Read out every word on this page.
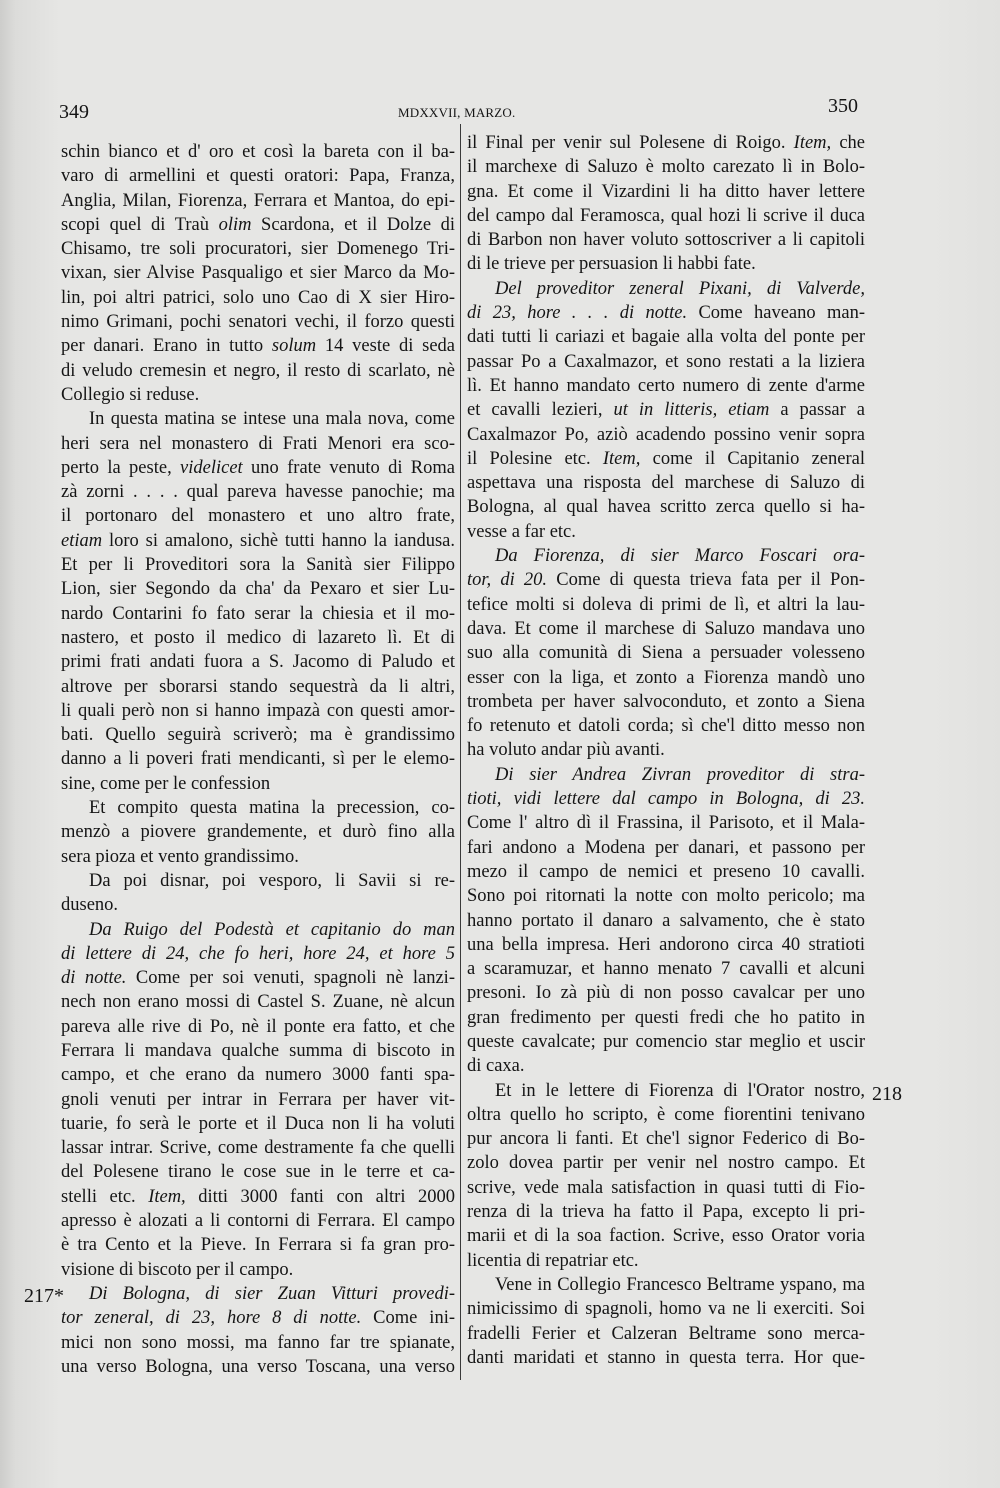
349	MDXXVII, MARZO.	350
schin bianco et d' oro et così la bareta con il ba-
varo di armellini et questi oratori: Papa, Franza,
Anglia, Milan, Fiorenza, Ferrara et Mantoa, do epi-
scopi quel di Traù olim Scardona, et il Dolze di
Chisamo, tre soli procuratori, sier Domenego Tri-
vixan, sier Alvise Pasqualigo et sier Marco da Mo-
lin, poi altri patrici, solo uno Cao di X sier Hiro-
nimo Grimani, pochi senatori vechi, il forzo questi
per danari. Erano in tutto solum 14 veste di seda
di veludo cremesin et negro, il resto di scarlato, nè
Collegio si reduse.
In questa matina se intese una mala nova, come
heri sera nel monastero di Frati Menori era sco-
perto la peste, videlicet uno frate venuto di Roma
zà zorni . . . . qual pareva havesse panochie; ma
il portonaro del monastero et uno altro frate,
etiam loro si amalono, sichè tutti hanno la iandusa.
Et per li Proveditori sora la Sanità sier Filippo
Lion, sier Segondo da cha' da Pexaro et sier Lu-
nardo Contarini fo fato serar la chiesia et il mo-
nastero, et posto il medico di lazareto lì. Et di
primi frati andati fuora a S. Jacomo di Paludo et
altrove per sborarsi stando sequestrà da li altri,
li quali però non si hanno impazà con questi amor-
bati. Quello seguirà scriverò; ma è grandissimo
danno a li poveri frati mendicanti, sì per le elemo-
sine, come per le confession
Et compito questa matina la precession, co-
menzò a piovere grandemente, et durò fino alla
sera pioza et vento grandissimo.
Da poi disnar, poi vesporo, li Savii si re-
duseno.
Da Ruigo del Podestà et capitanio do man
di lettere di 24, che fo heri, hore 24, et hore 5
di notte. Come per soi venuti, spagnoli nè lanzi-
nech non erano mossi di Castel S. Zuane, nè alcun
pareva alle rive di Po, nè il ponte era fatto, et che
Ferrara li mandava qualche summa di biscoto in
campo, et che erano da numero 3000 fanti spa-
gnoli venuti per intrar in Ferrara per haver vit-
tuarie, fo serà le porte et il Duca non li ha voluti
lassar intrar. Scrive, come destramente fa che quelli
del Polesene tirano le cose sue in le terre et ca-
stelli etc. Item, ditti 3000 fanti con altri 2000
apresso è alozati a li contorni di Ferrara. El campo
è tra Cento et la Pieve. In Ferrara si fa gran pro-
visione di biscoto per il campo.
Di Bologna, di sier Zuan Vitturi provedi-
tor zeneral, di 23, hore 8 di notte. Come ini-
mici non sono mossi, ma fanno far tre spianate,
una verso Bologna, una verso Toscana, una verso
il Final per venir sul Polesene di Roigo. Item, che
il marchexe di Saluzo è molto carezato lì in Bolo-
gna. Et come il Vizardini li ha ditto haver lettere
del campo dal Feramosca, qual hozi li scrive il duca
di Barbon non haver voluto sottoscriver a li capitoli
di le trieve per persuasion li habbi fate.
Del proveditor zeneral Pixani, di Valverde,
di 23, hore . . . di notte. Come haveano man-
dati tutti li cariazi et bagaie alla volta del ponte per
passar Po a Caxalmazor, et sono restati a la liziera
lì. Et hanno mandato certo numero di zente d'arme
et cavalli lezieri, ut in litteris, etiam a passar a
Caxalmazor Po, aziò acadendo possino venir sopra
il Polesine etc. Item, come il Capitanio zeneral
aspettava una risposta del marchese di Saluzo di
Bologna, al qual havea scritto zerca quello si ha-
vesse a far etc.
Da Fiorenza, di sier Marco Foscari ora-
tor, di 20. Come di questa trieva fata per il Pon-
tefice molti si doleva di primi de lì, et altri la lau-
dava. Et come il marchese di Saluzo mandava uno
suo alla comunità di Siena a persuader volesseno
esser con la liga, et zonto a Fiorenza mandò uno
trombeta per haver salvoconduto, et zonto a Siena
fo retenuto et datoli corda; sì che'l ditto messo non
ha voluto andar più avanti.
Di sier Andrea Zivran proveditor di stra-
tioti, vidi lettere dal campo in Bologna, di 23.
Come l' altro dì il Frassina, il Parisoto, et il Mala-
fari andono a Modena per danari, et passono per
mezo il campo de nemici et preseno 10 cavalli.
Sono poi ritornati la notte con molto pericolo; ma
hanno portato il danaro a salvamento, che è stato
una bella impresa. Heri andorono circa 40 stratioti
a scaramuzar, et hanno menato 7 cavalli et alcuni
presoni. Io zà più di non posso cavalcar per uno
gran fredimento per questi fredi che ho patito in
queste cavalcate; pur comencio star meglio et uscir
di caxa.
Et in le lettere di Fiorenza di l'Orator nostro,
oltra quello ho scripto, è come fiorentini tenivano
pur ancora li fanti. Et che'l signor Federico di Bo-
zolo dovea partir per venir nel nostro campo. Et
scrive, vede mala satisfaction in quasi tutti di Fio-
renza di la trieva ha fatto il Papa, excepto li pri-
marii et di la soa faction. Scrive, esso Orator voria
licentia di repatriar etc.
Vene in Collegio Francesco Beltrame yspano, ma
nimicissimo di spagnoli, homo va ne li exerciti. Soi
fradelli Ferier et Calzeran Beltrame sono merca-
danti maridati et stanno in questa terra. Hor que-
217*
218
